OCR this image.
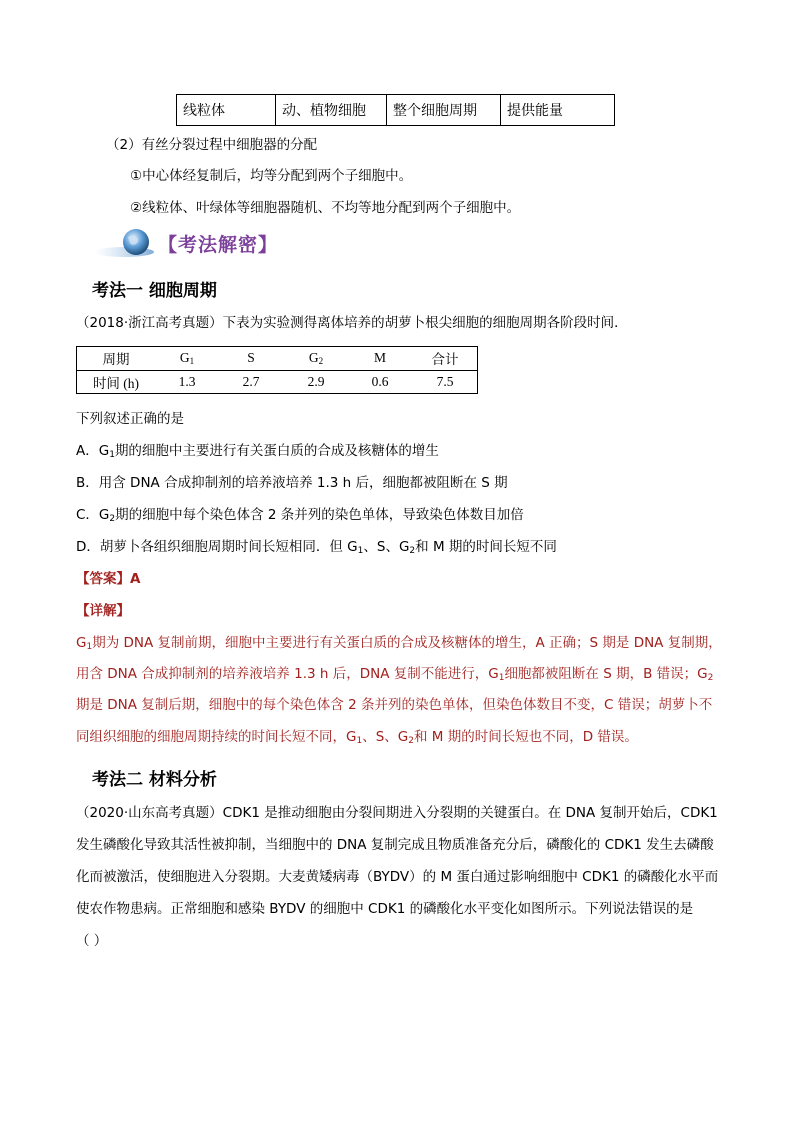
线粒体	动、植物细胞	整个细胞周期	提供能量
（2）有丝分裂过程中细胞器的分配
①中心体经复制后，均等分配到两个子细胞中。
②线粒体、叶绿体等细胞器随机、不均等地分配到两个子细胞中。
【考法解密】
考法一 细胞周期
（2018·浙江高考真题）下表为实验测得离体培养的胡萝卜根尖细胞的细胞周期各阶段时间．
周期	$G_1$	S	$G_2$	M	合计
时间 (h)	1.3	2.7	2.9	0.6	7.5
下列叙述正确的是
A．$G_1$期的细胞中主要进行有关蛋白质的合成及核糖体的增生
B．用含 DNA 合成抑制剂的培养液培养 1.3 h 后，细胞都被阻断在 S 期
C．$G_2$期的细胞中每个染色体含 2 条并列的染色单体，导致染色体数目加倍
D．胡萝卜各组织细胞周期时间长短相同．但 $G_1$、S、$G_2$和 M 期的时间长短不同
【答案】A
【详解】
$G_1$期为 DNA 复制前期，细胞中主要进行有关蛋白质的合成及核糖体的增生，A 正确；S 期是 DNA 复制期，
用含 DNA 合成抑制剂的培养液培养 1.3 h 后，DNA 复制不能进行，$G_1$细胞都被阻断在 S 期，B 错误；$G_2$
期是 DNA 复制后期，细胞中的每个染色体含 2 条并列的染色单体，但染色体数目不变，C 错误；胡萝卜不
同组织细胞的细胞周期持续的时间长短不同，$G_1$、S、$G_2$和 M 期的时间长短也不同，D 错误。
考法二 材料分析
（2020·山东高考真题）CDK1 是推动细胞由分裂间期进入分裂期的关键蛋白。在 DNA 复制开始后，CDK1
发生磷酸化导致其活性被抑制，当细胞中的 DNA 复制完成且物质准备充分后，磷酸化的 CDK1 发生去磷酸
化而被激活，使细胞进入分裂期。大麦黄矮病毒（BYDV）的 M 蛋白通过影响细胞中 CDK1 的磷酸化水平而
使农作物患病。正常细胞和感染 BYDV 的细胞中 CDK1 的磷酸化水平变化如图所示。下列说法错误的是
（ ）
